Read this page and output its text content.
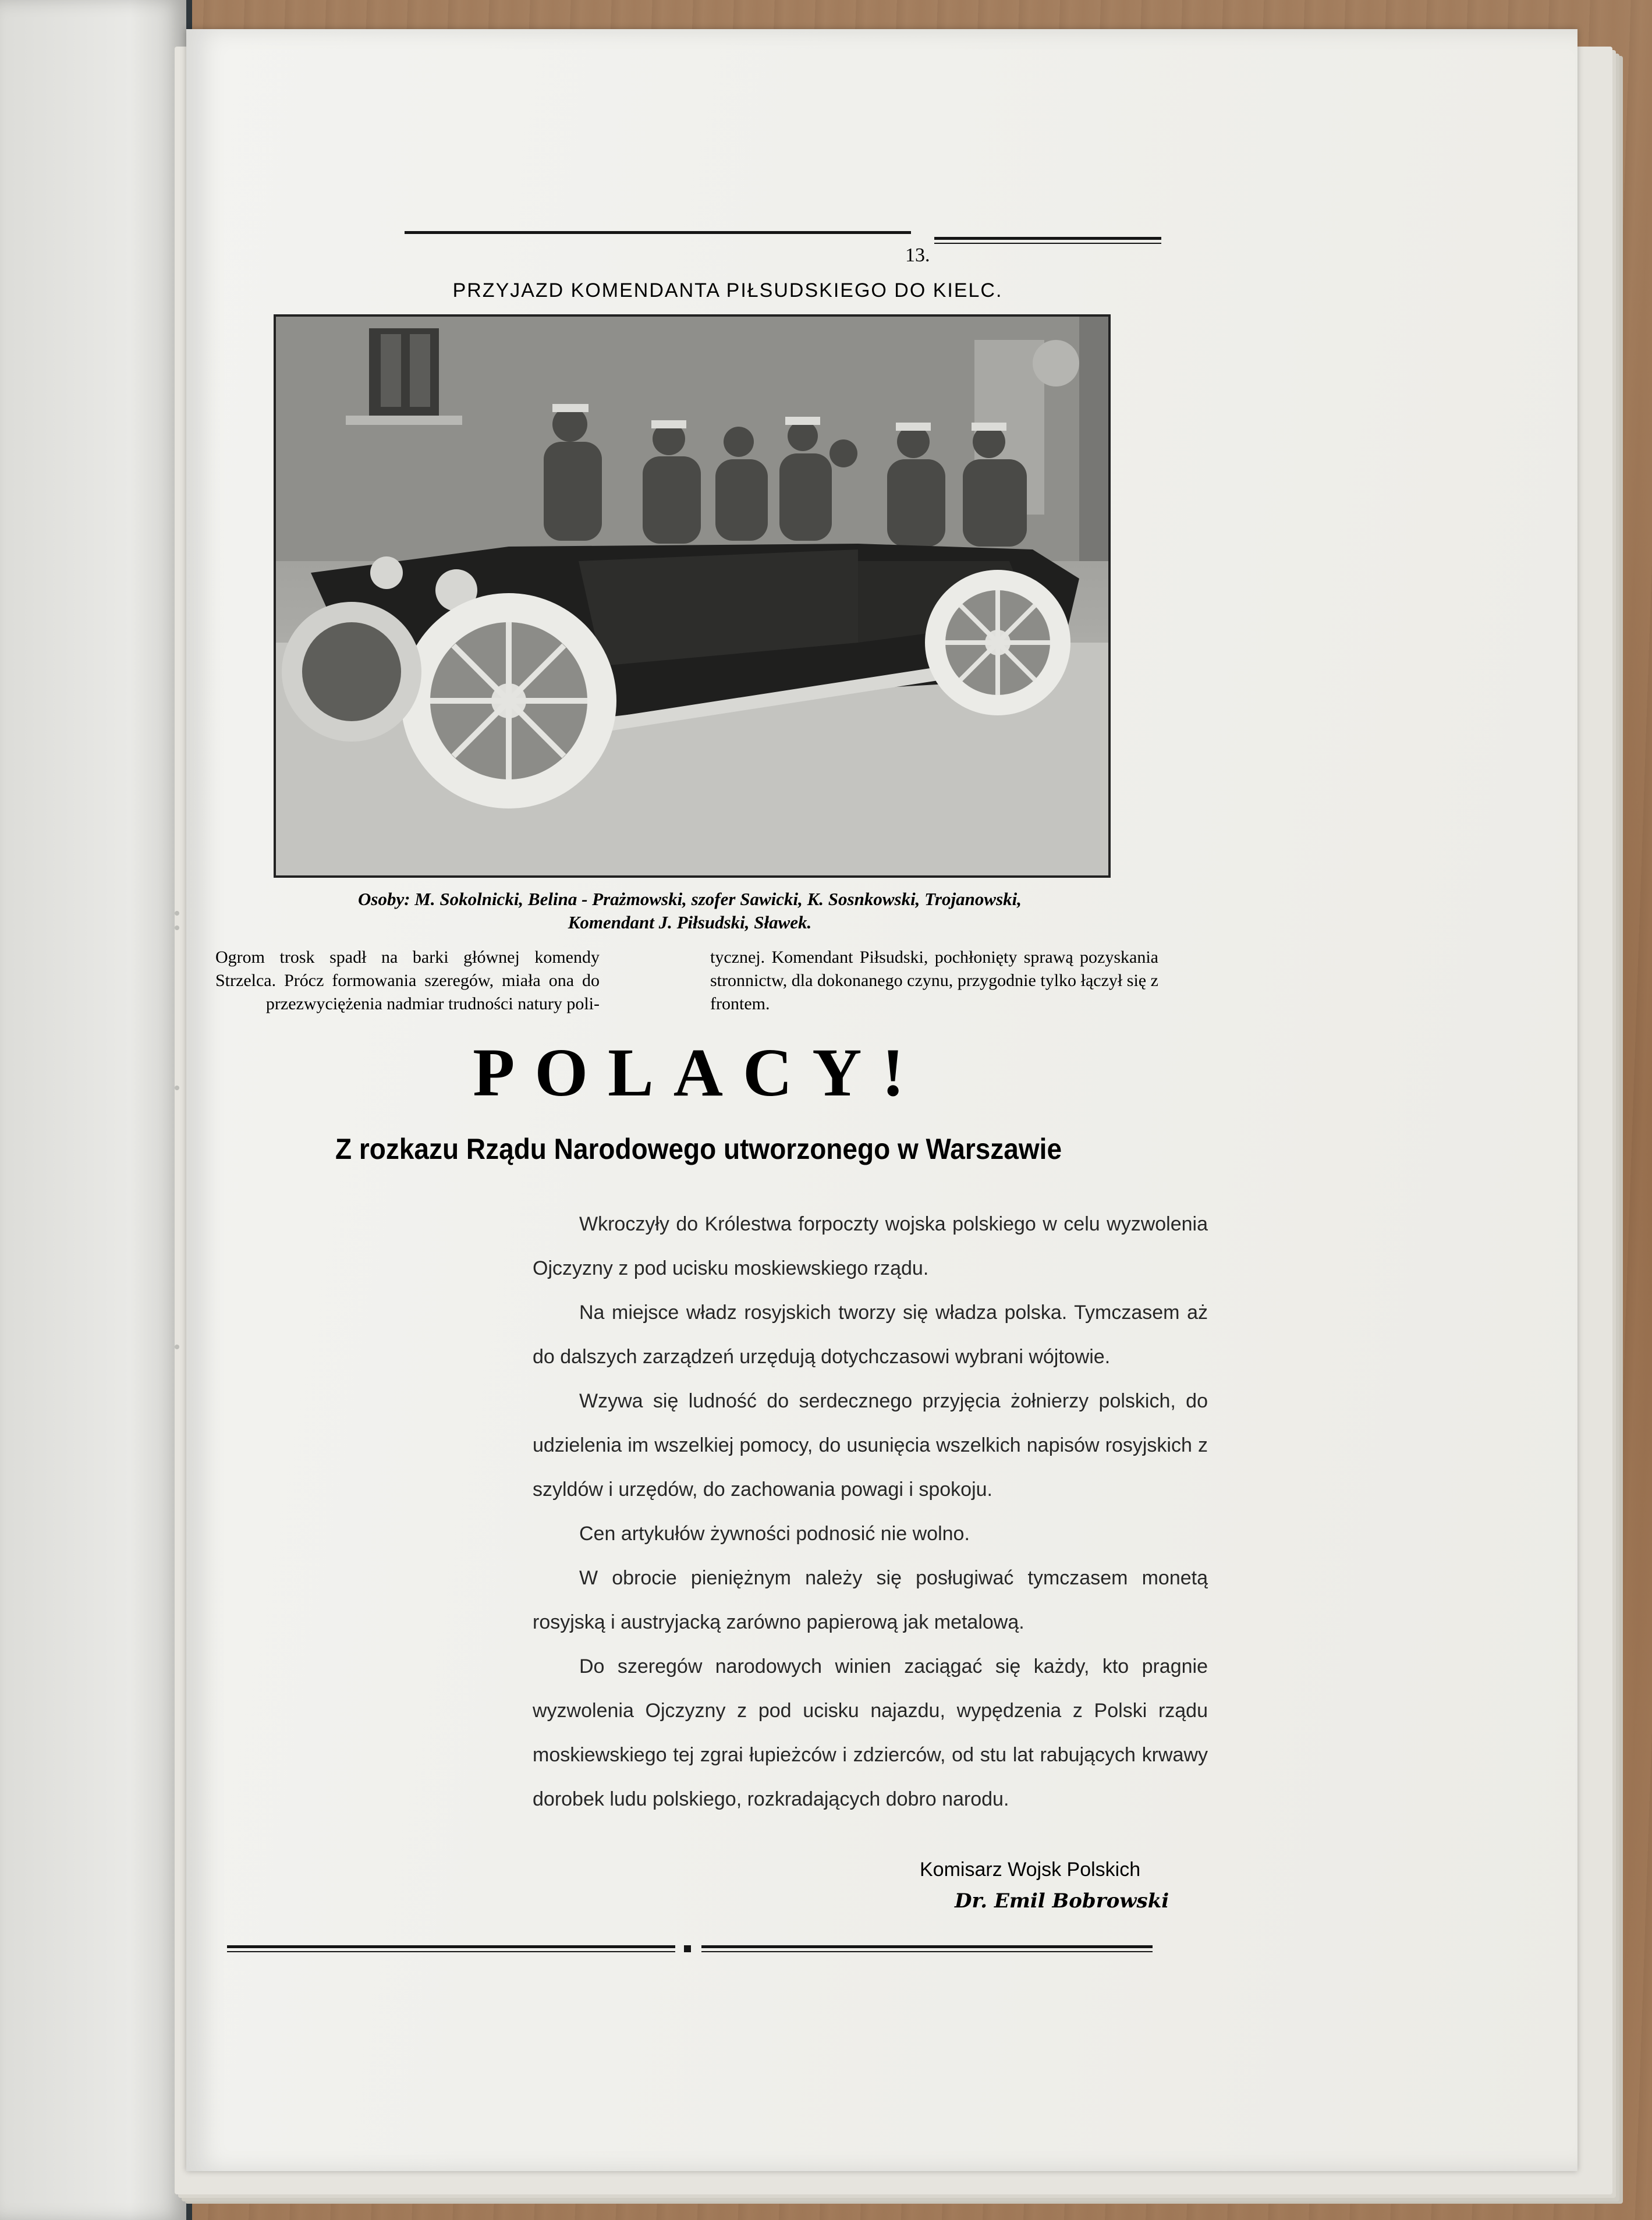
13.
PRZYJAZD KOMENDANTA PIŁSUDSKIEGO DO KIELC.
Osoby: M. Sokolnicki, Belina - Prażmowski, szofer Sawicki, K. Sosnkowski, Trojanowski,
Komendant J. Piłsudski, Sławek.
Ogrom trosk spadł na barki głównej komendy Strzelca. Prócz formowania szeregów, miała ona do przezwyciężenia nadmiar trudności natury poli-
tycznej. Komendant Piłsudski, pochłonięty sprawą pozyskania stronnictw, dla dokonanego czynu, przygodnie tylko łączył się z frontem.
POLACY!
Z rozkazu Rządu Narodowego utworzonego w Warszawie

Wkroczyły do Królestwa forpoczty wojska polskiego w celu wyzwolenia Ojczyzny z pod ucisku moskiewskiego rządu.

Na miejsce władz rosyjskich tworzy się władza polska. Tymczasem aż do dalszych zarządzeń urzędują dotychczasowi wybrani wójtowie.

Wzywa się ludność do serdecznego przyjęcia żołnierzy polskich, do udzielenia im wszelkiej pomocy, do usunięcia wszelkich napisów rosyjskich z szyldów i urzędów, do zachowania powagi i spokoju.

Cen artykułów żywności podnosić nie wolno.

W obrocie pieniężnym należy się posługiwać tymczasem monetą rosyjską i austryjacką zarówno papierową jak metalową.

Do szeregów narodowych winien zaciągać się każdy, kto pragnie wyzwolenia Ojczyzny z pod ucisku najazdu, wypędzenia z Polski rządu moskiewskiego tej zgrai łupieżców i zdzierców, od stu lat rabujących krwawy dorobek ludu polskiego, rozkradających dobro narodu.

Komisarz Wojsk Polskich
Dr. Emil Bobrowski
